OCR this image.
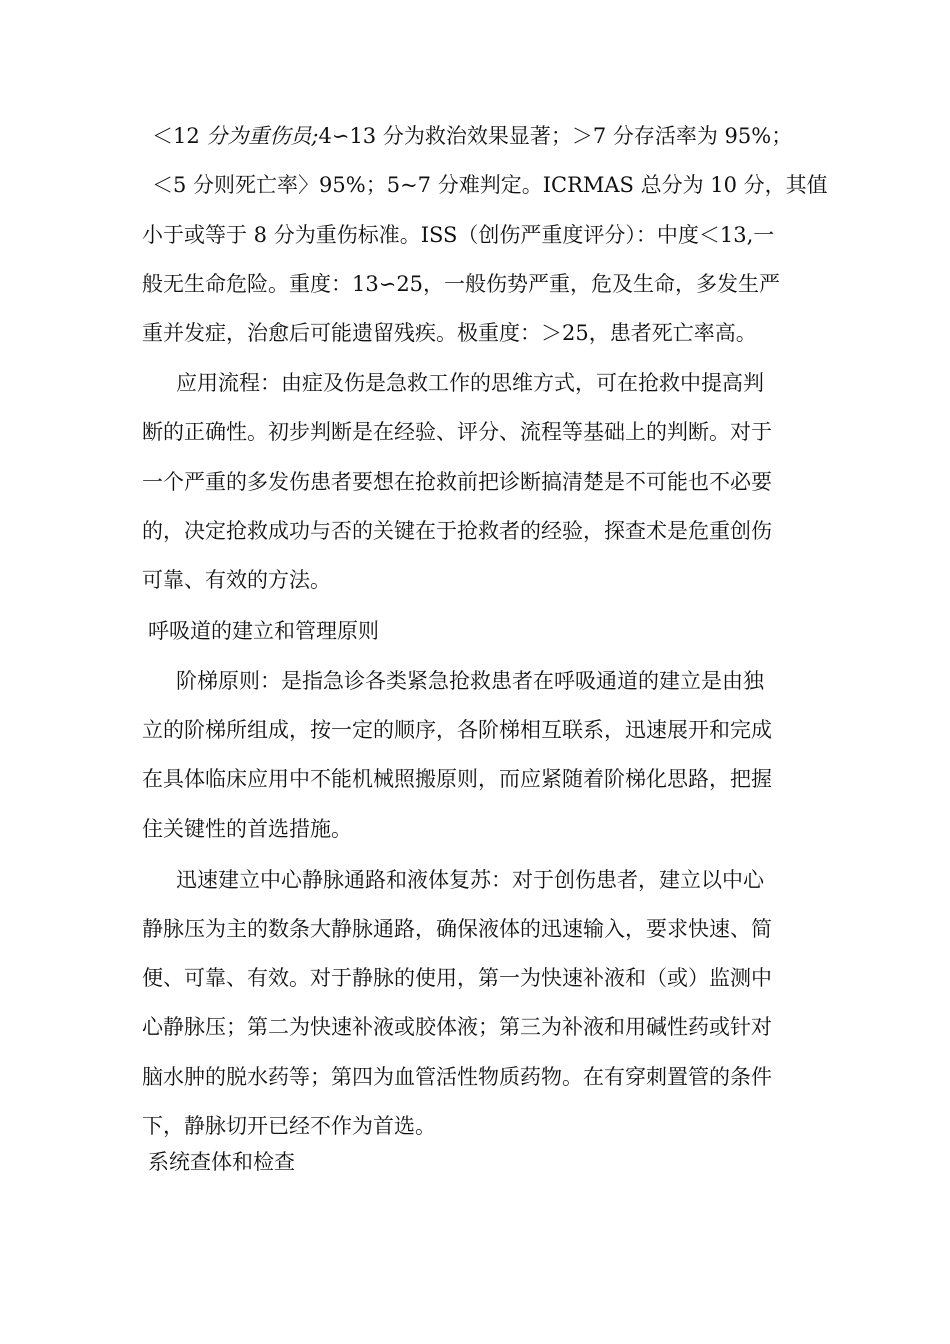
＜12 分为重伤员;4∽13 分为救治效果显著；＞7 分存活率为 95%；
＜5 分则死亡率〉95%；5~7 分难判定。ICRMAS 总分为 10 分，其值
小于或等于 8 分为重伤标准。ISS（创伤严重度评分）：中度＜13,一
般无生命危险。重度：13∽25，一般伤势严重，危及生命，多发生严
重并发症，治愈后可能遗留残疾。极重度：＞25，患者死亡率高。
应用流程：由症及伤是急救工作的思维方式，可在抢救中提高判
断的正确性。初步判断是在经验、评分、流程等基础上的判断。对于
一个严重的多发伤患者要想在抢救前把诊断搞清楚是不可能也不必要
的，决定抢救成功与否的关键在于抢救者的经验，探查术是危重创伤
可靠、有效的方法。
呼吸道的建立和管理原则
阶梯原则：是指急诊各类紧急抢救患者在呼吸通道的建立是由独
立的阶梯所组成，按一定的顺序，各阶梯相互联系，迅速展开和完成
在具体临床应用中不能机械照搬原则，而应紧随着阶梯化思路，把握
住关键性的首选措施。
迅速建立中心静脉通路和液体复苏：对于创伤患者，建立以中心
静脉压为主的数条大静脉通路，确保液体的迅速输入，要求快速、简
便、可靠、有效。对于静脉的使用，第一为快速补液和（或）监测中
心静脉压；第二为快速补液或胶体液；第三为补液和用碱性药或针对
脑水肿的脱水药等；第四为血管活性物质药物。在有穿刺置管的条件
下，静脉切开已经不作为首选。
系统查体和检查
